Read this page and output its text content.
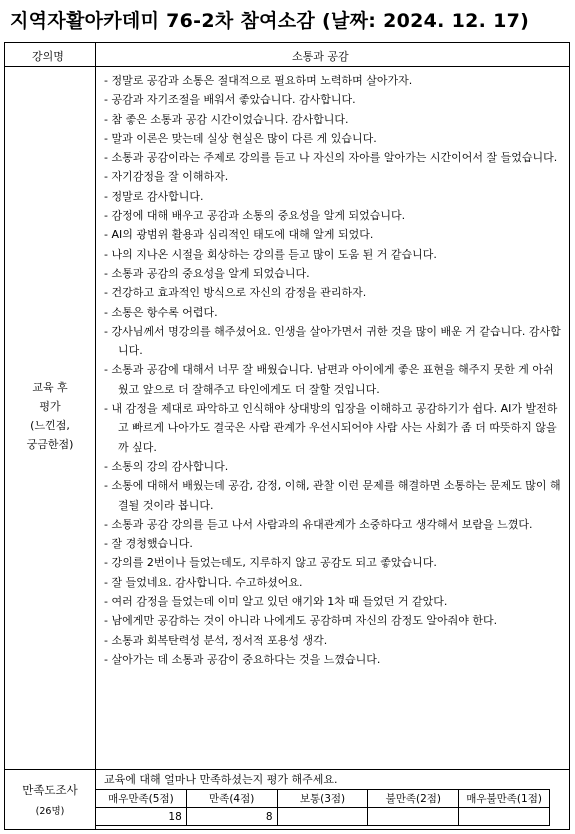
지역자활아카데미 76-2차 참여소감 (날짜: 2024. 12. 17)
강의명	소통과 공감
교육 후
평가
(느낀점,
궁금한점)
- 정말로 공감과 소통은 절대적으로 필요하며 노력하며 살아가자.
- 공감과 자기조절을 배워서 좋았습니다. 감사합니다.
- 참 좋은 소통과 공감 시간이었습니다. 감사합니다.
- 말과 이론은 맞는데 실상 현실은 많이 다른 게 있습니다.
- 소통과 공감이라는 주제로 강의를 듣고 나 자신의 자아를 알아가는 시간이어서 잘 들었습니다.
- 자기감정을 잘 이해하자.
- 정말로 감사합니다.
- 감정에 대해 배우고 공감과 소통의 중요성을 알게 되었습니다.
- AI의 광범위 활용과 심리적인 태도에 대해 알게 되었다.
- 나의 지나온 시절을 회상하는 강의를 듣고 많이 도움 된 거 같습니다.
- 소통과 공감의 중요성을 알게 되었습니다.
- 건강하고 효과적인 방식으로 자신의 감정을 관리하자.
- 소통은 항수록 어렵다.
- 강사님께서 명강의를 해주셨어요. 인생을 살아가면서 귀한 것을 많이 배운 거 같습니다. 감사합니다.
- 소통과 공감에 대해서 너무 잘 배웠습니다. 남편과 아이에게 좋은 표현을 해주지 못한 게 아쉬웠고 앞으로 더 잘해주고 타인에게도 더 잘할 것입니다.
- 내 감정을 제대로 파악하고 인식해야 상대방의 입장을 이해하고 공감하기가 쉽다. AI가 발전하고 빠르게 나아가도 결국은 사람 관계가 우선시되어야 사람 사는 사회가 좀 더 따뜻하지 않을까 싶다.
- 소통의 강의 감사합니다.
- 소통에 대해서 배웠는데 공감, 감정, 이해, 관찰 이런 문제를 해결하면 소통하는 문제도 많이 해결될 것이라 봅니다.
- 소통과 공감 강의를 듣고 나서 사람과의 유대관계가 소중하다고 생각해서 보람을 느꼈다.
- 잘 경청했습니다.
- 강의를 2번이나 들었는데도, 지루하지 않고 공감도 되고 좋았습니다.
- 잘 들었네요. 감사합니다. 수고하셨어요.
- 여러 감정을 들었는데 이미 알고 있던 얘기와 1차 때 들었던 거 같았다.
- 남에게만 공감하는 것이 아니라 나에게도 공감하며 자신의 감정도 알아줘야 한다.
- 소통과 회복탄력성 분석, 정서적 포용성 생각.
- 살아가는 데 소통과 공감이 중요하다는 것을 느꼈습니다.
만족도조사
(26명)
교육에 대해 얼마나 만족하셨는지 평가 해주세요.
매우만족(5점)	만족(4점)	보통(3점)	불만족(2점)	매우불만족(1점)
18	8			
